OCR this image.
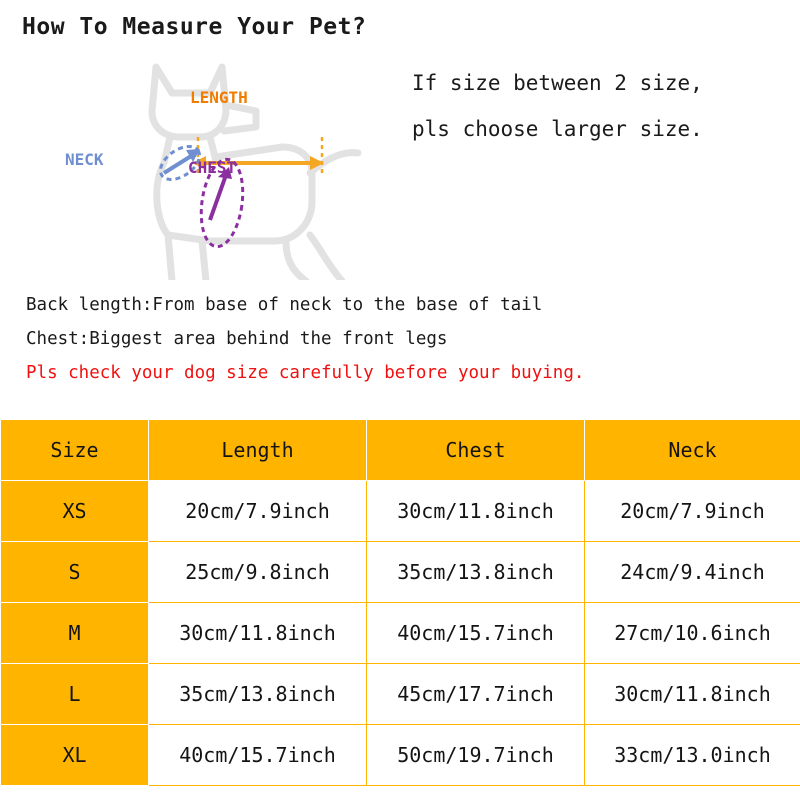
How To Measure Your Pet?
If size between 2 size,
pls choose larger size.
LENGTH
NECK	CHEST
Back length:From base of neck to the base of tail
Chest:Biggest area behind the front legs
Pls check your dog size carefully before your buying.
Size	Length	Chest	Neck
XS	20cm/7.9inch	30cm/11.8inch	20cm/7.9inch
S	25cm/9.8inch	35cm/13.8inch	24cm/9.4inch
M	30cm/11.8inch	40cm/15.7inch	27cm/10.6inch
L	35cm/13.8inch	45cm/17.7inch	30cm/11.8inch
XL	40cm/15.7inch	50cm/19.7inch	33cm/13.0inch
